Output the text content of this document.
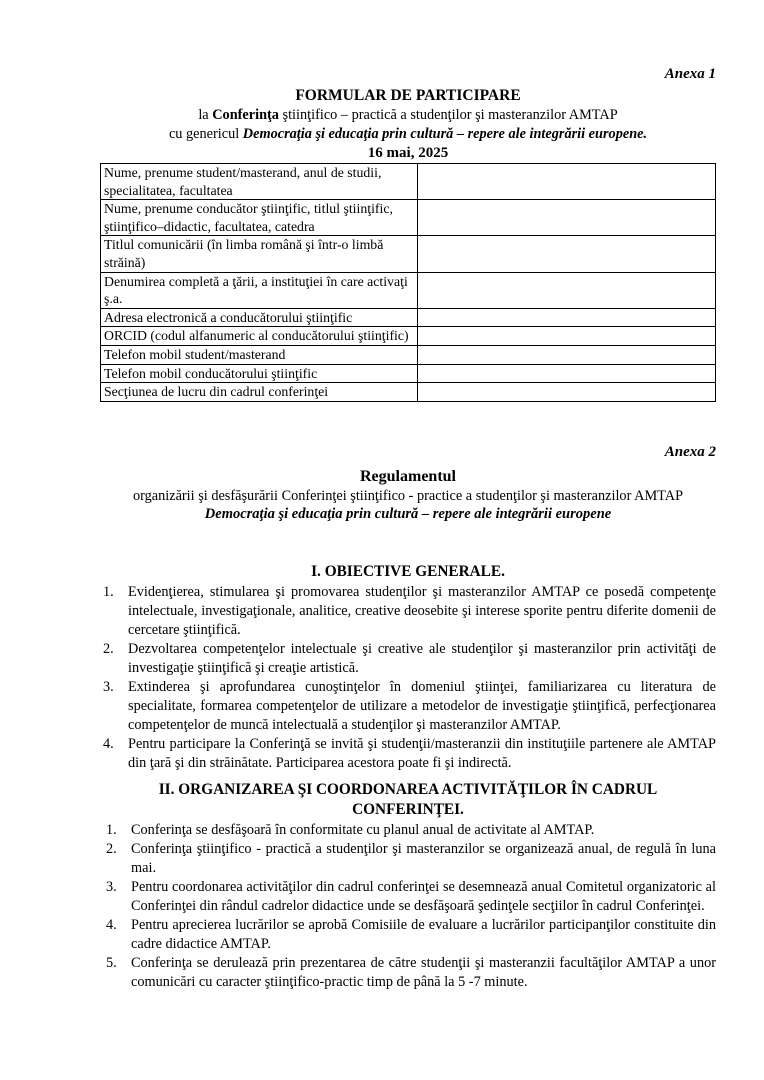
Anexa 1
FORMULAR DE PARTICIPARE
la Conferinţa ştiinţifico – practică a studenţilor şi masteranzilor AMTAP
cu genericul Democraţia şi educaţia prin cultură – repere ale integrării europene.
16 mai, 2025
Nume, prenume student/masterand, anul de studii, specialitatea, facultatea	
Nume, prenume conducător ştiinţific, titlul ştiinţific, ştiinţifico–didactic, facultatea, catedra	
Titlul comunicării (în limba română şi într-o limbă străină)	
Denumirea completă a ţării, a instituţiei în care activaţi ş.a.	
Adresa electronică a conducătorului ştiinţific	
ORCID (codul alfanumeric al conducătorului ştiinţific)	
Telefon mobil student/masterand	
Telefon mobil conducătorului ştiinţific	
Secţiunea de lucru din cadrul conferinţei	
Anexa 2
Regulamentul
organizării şi desfăşurării Conferinţei ştiinţifico - practice a studenţilor şi masteranzilor AMTAP
Democraţia şi educaţia prin cultură – repere ale integrării europene
I. OBIECTIVE GENERALE.
1. Evidenţierea, stimularea şi promovarea studenţilor şi masteranzilor AMTAP ce posedă competenţe intelectuale, investigaţionale, analitice, creative deosebite şi interese sporite pentru diferite domenii de cercetare ştiinţifică.
2. Dezvoltarea competenţelor intelectuale şi creative ale studenţilor şi masteranzilor prin activităţi de investigaţie ştiinţifică şi creaţie artistică.
3. Extinderea şi aprofundarea cunoştinţelor în domeniul ştiinţei, familiarizarea cu literatura de specialitate, formarea competenţelor de utilizare a metodelor de investigaţie ştiinţifică, perfecţionarea competenţelor de muncă intelectuală a studenţilor şi masteranzilor AMTAP.
4. Pentru participare la Conferinţă se invită şi studenţii/masteranzii din instituţiile partenere ale AMTAP din ţară şi din străinătate. Participarea acestora poate fi şi indirectă.
II. ORGANIZAREA ŞI COORDONAREA ACTIVITĂŢILOR ÎN CADRUL CONFERINŢEI.
1. Conferinţa se desfăşoară în conformitate cu planul anual de activitate al AMTAP.
2. Conferinţa ştiinţifico - practică a studenţilor şi masteranzilor se organizează anual, de regulă în luna mai.
3. Pentru coordonarea activităţilor din cadrul conferinţei se desemnează anual Comitetul organizatoric al Conferinţei din rândul cadrelor didactice unde se desfăşoară şedinţele secţiilor în cadrul Conferinţei.
4. Pentru aprecierea lucrărilor se aprobă Comisiile de evaluare a lucrărilor participanţilor constituite din cadre didactice AMTAP.
5. Conferinţa se derulează prin prezentarea de către studenţii şi masteranzii facultăţilor AMTAP a unor comunicări cu caracter ştiinţifico-practic timp de până la 5 -7 minute.
